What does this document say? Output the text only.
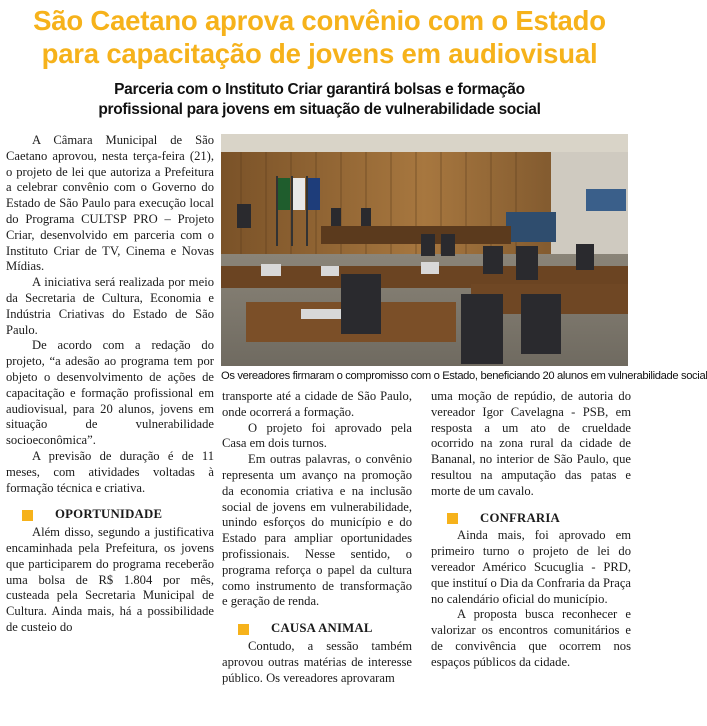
São Caetano aprova convênio com o Estado
para capacitação de jovens em audiovisual
Parceria com o Instituto Criar garantirá bolsas e formação
profissional para jovens em situação de vulnerabilidade social

A Câmara Municipal de São Caetano aprovou, nesta terça-feira (21), o projeto de lei que autoriza a Prefeitura a celebrar convênio com o Governo do Estado de São Paulo para execução local do Programa CULTSP PRO – Projeto Criar, desenvolvido em parceria com o Instituto Criar de TV, Cinema e Novas Mídias.

A iniciativa será realizada por meio da Secretaria de Cultura, Economia e Indústria Criativas do Estado de São Paulo.

De acordo com a redação do projeto, “a adesão ao programa tem por objeto o desenvolvimento de ações de capacitação e formação profissional em audiovisual, para 20 alunos, jovens em situação de vulnerabilidade socioeconômica”.

A previsão de duração é de 11 meses, com atividades voltadas à formação técnica e criativa.

OPORTUNIDADE

Além disso, segundo a justificativa encaminhada pela Prefeitura, os jovens que participarem do programa receberão uma bolsa de R$ 1.804 por mês, custeada pela Secretaria Municipal de Cultura. Ainda mais, há a possibilidade de custeio do

Os vereadores firmaram o compromisso com o Estado, beneficiando 20 alunos em vulnerabilidade social

transporte até a cidade de São Paulo, onde ocorrerá a formação.

O projeto foi aprovado pela Casa em dois turnos.

Em outras palavras, o convênio representa um avanço na promoção da economia criativa e na inclusão social de jovens em vulnerabilidade, unindo esforços do município e do Estado para ampliar oportunidades profissionais. Nesse sentido, o programa reforça o papel da cultura como instrumento de transformação e geração de renda.

CAUSA ANIMAL

Contudo, a sessão também aprovou outras matérias de interesse público. Os vereadores aprovaram

uma moção de repúdio, de autoria do vereador Igor Cavelagna - PSB, em resposta a um ato de crueldade ocorrido na zona rural da cidade de Bananal, no interior de São Paulo, que resultou na amputação das patas e morte de um cavalo.

CONFRARIA

Ainda mais, foi aprovado em primeiro turno o projeto de lei do vereador Américo Scucuglia - PRD, que instituí o Dia da Confraria da Praça no calendário oficial do município.

A proposta busca reconhecer e valorizar os encontros comunitários e de convivência que ocorrem nos espaços públicos da cidade.
